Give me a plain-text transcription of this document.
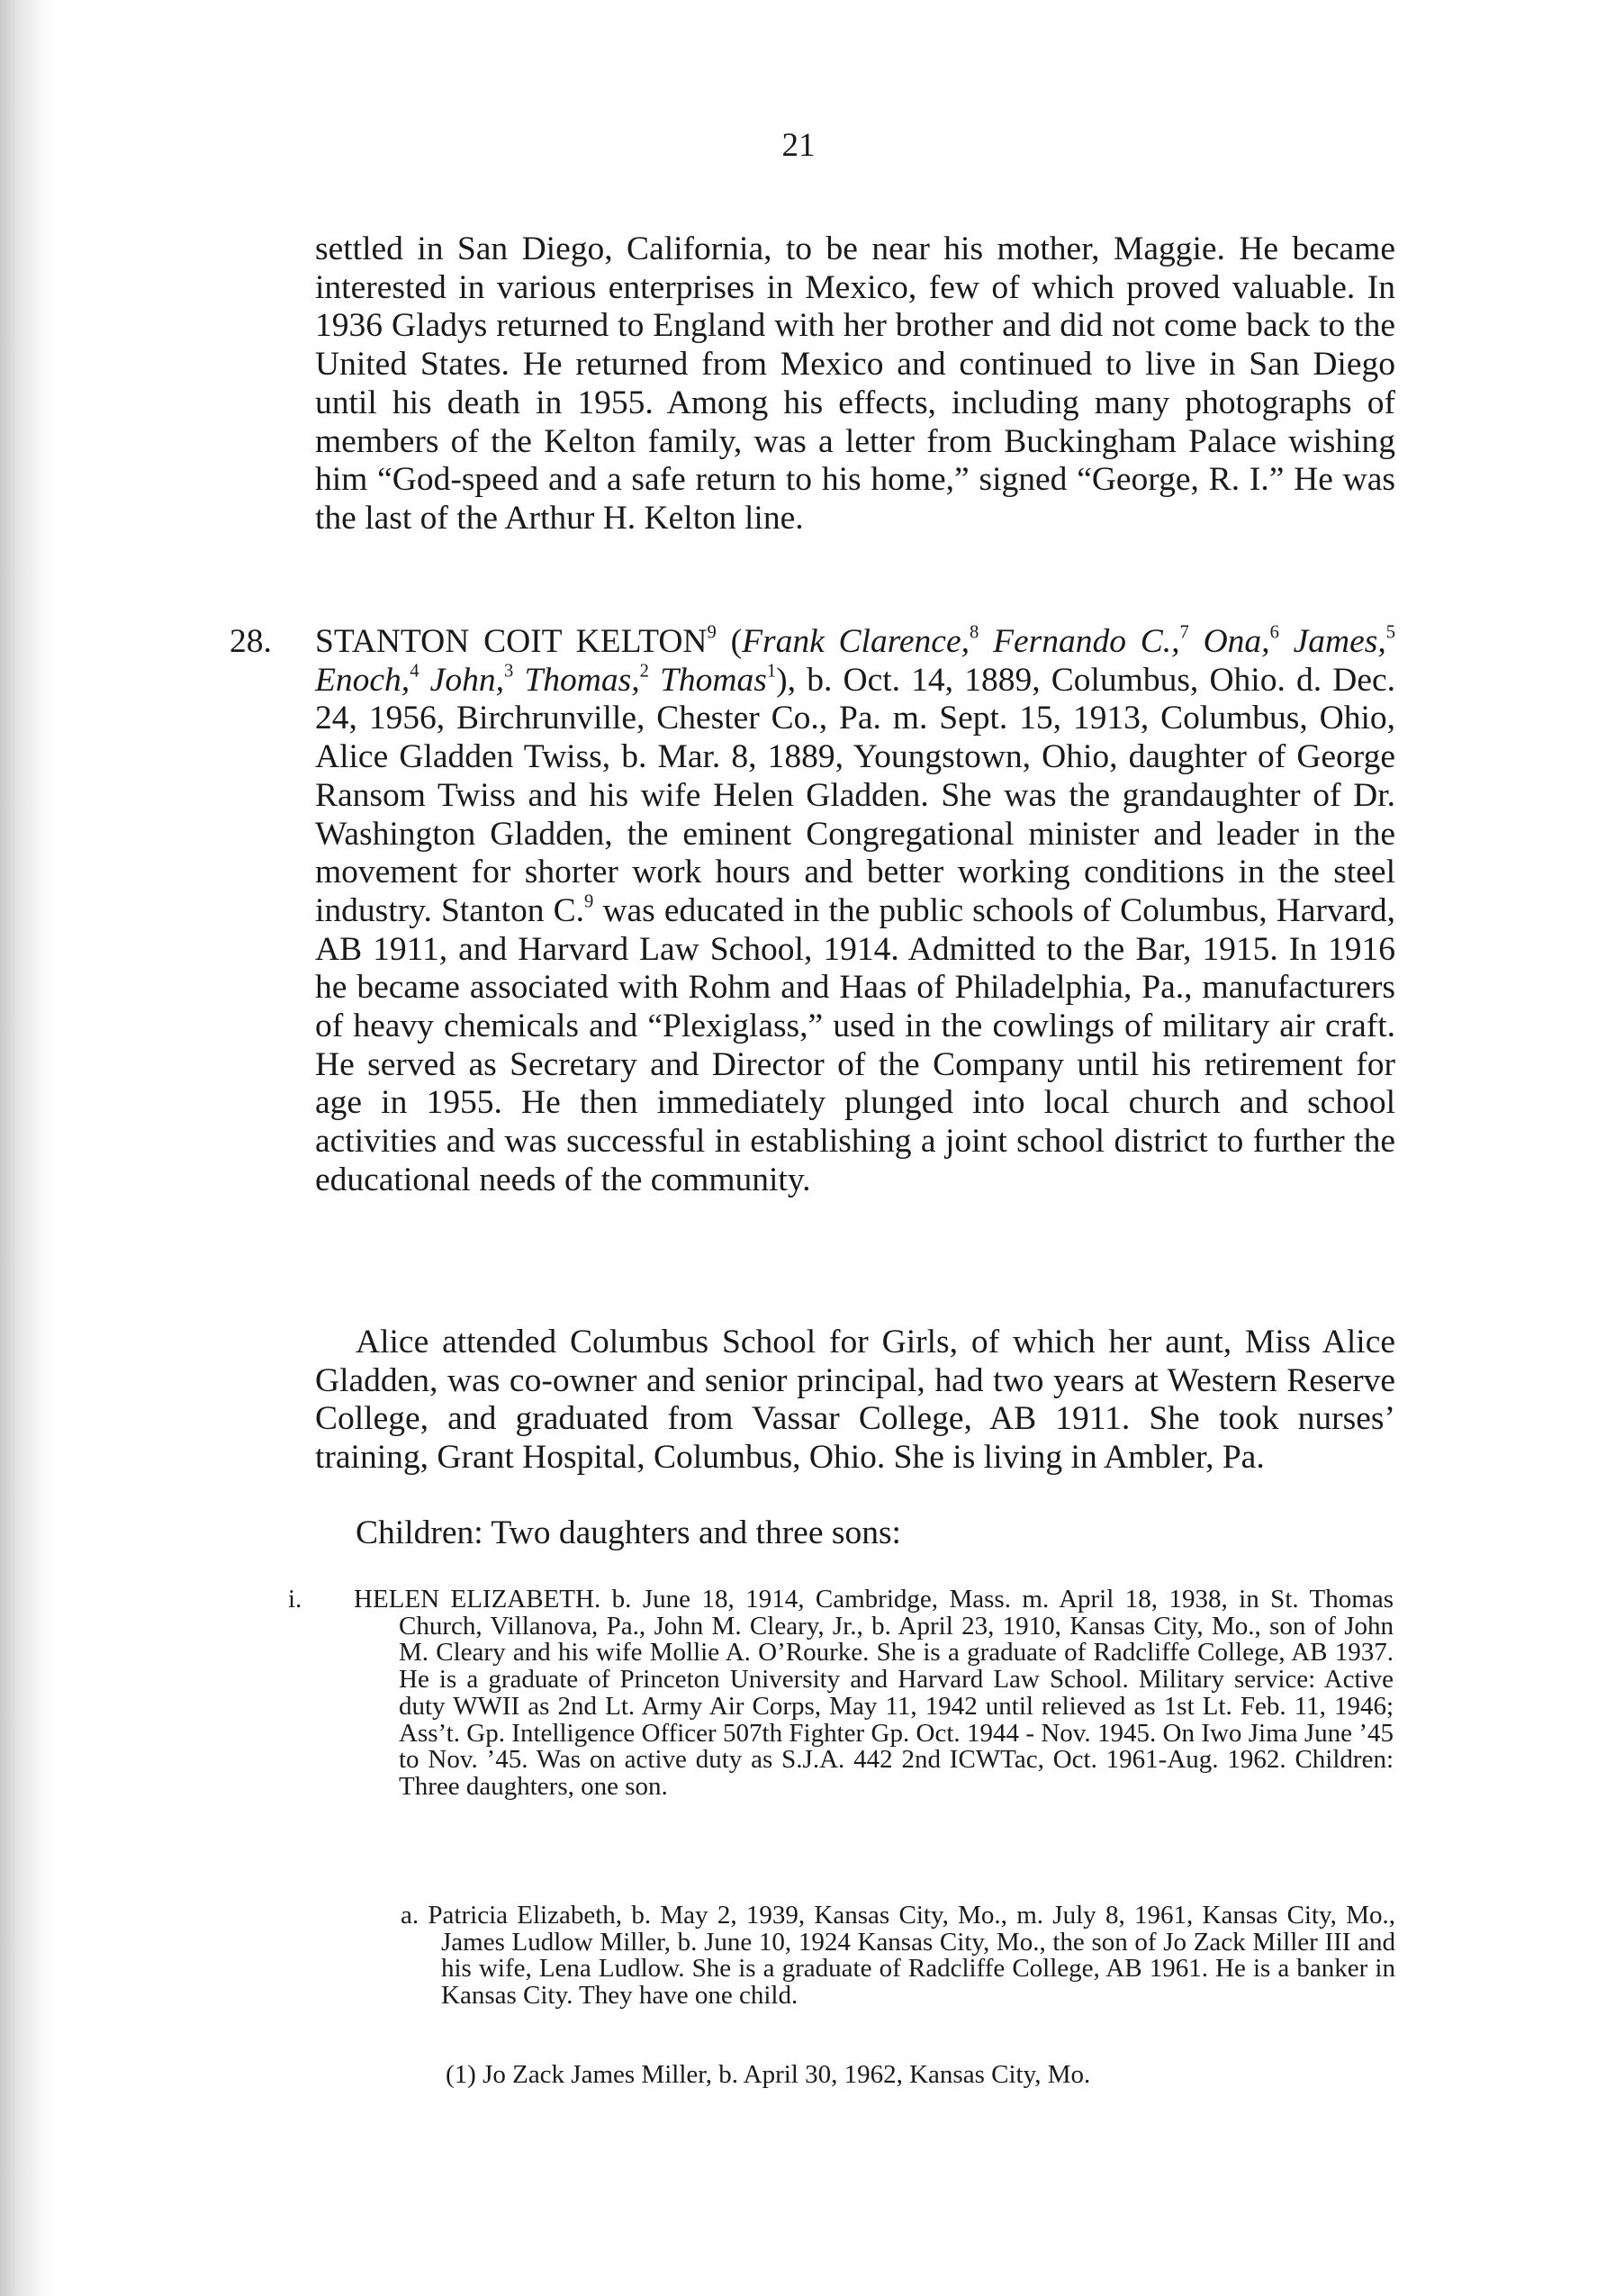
21

settled in San Diego, California, to be near his mother, Maggie. He became interested in various enterprises in Mexico, few of which proved valuable. In 1936 Gladys returned to England with her brother and did not come back to the United States. He returned from Mexico and continued to live in San Diego until his death in 1955. Among his effects, including many photographs of members of the Kelton family, was a letter from Buckingham Palace wishing him “God-speed and a safe return to his home,” signed “George, R. I.” He was the last of the Arthur H. Kelton line.

28. STANTON COIT KELTON$^9$ (Frank Clarence,$^8$ Fernando C.,$^7$ Ona,$^6$ James,$^5$ Enoch,$^4$ John,$^3$ Thomas,$^2$ Thomas$^1$), b. Oct. 14, 1889, Columbus, Ohio. d. Dec. 24, 1956, Birchrunville, Chester Co., Pa. m. Sept. 15, 1913, Columbus, Ohio, Alice Gladden Twiss, b. Mar. 8, 1889, Youngstown, Ohio, daughter of George Ransom Twiss and his wife Helen Gladden. She was the grandaughter of Dr. Washington Gladden, the eminent Congregational minister and leader in the movement for shorter work hours and better working conditions in the steel industry. Stanton C.$^9$ was educated in the public schools of Columbus, Harvard, AB 1911, and Harvard Law School, 1914. Admitted to the Bar, 1915. In 1916 he became associated with Rohm and Haas of Philadelphia, Pa., manufacturers of heavy chemicals and “Plexiglass,” used in the cowlings of military air craft. He served as Secretary and Director of the Company until his retirement for age in 1955. He then immediately plunged into local church and school activities and was successful in establishing a joint school district to further the educational needs of the community.

Alice attended Columbus School for Girls, of which her aunt, Miss Alice Gladden, was co-owner and senior principal, had two years at Western Reserve College, and graduated from Vassar College, AB 1911. She took nurses’ training, Grant Hospital, Columbus, Ohio. She is living in Ambler, Pa.

Children: Two daughters and three sons:

i. HELEN ELIZABETH. b. June 18, 1914, Cambridge, Mass. m. April 18, 1938, in St. Thomas Church, Villanova, Pa., John M. Cleary, Jr., b. April 23, 1910, Kansas City, Mo., son of John M. Cleary and his wife Mollie A. O’Rourke. She is a graduate of Radcliffe College, AB 1937. He is a graduate of Princeton University and Harvard Law School. Military service: Active duty WWII as 2nd Lt. Army Air Corps, May 11, 1942 until relieved as 1st Lt. Feb. 11, 1946; Ass’t. Gp. Intelligence Officer 507th Fighter Gp. Oct. 1944 - Nov. 1945. On Iwo Jima June ’45 to Nov. ’45. Was on active duty as S.J.A. 442 2nd ICWTac, Oct. 1961-Aug. 1962. Children: Three daughters, one son.

a. Patricia Elizabeth, b. May 2, 1939, Kansas City, Mo., m. July 8, 1961, Kansas City, Mo., James Ludlow Miller, b. June 10, 1924 Kansas City, Mo., the son of Jo Zack Miller III and his wife, Lena Ludlow. She is a graduate of Radcliffe College, AB 1961. He is a banker in Kansas City. They have one child.

(1) Jo Zack James Miller, b. April 30, 1962, Kansas City, Mo.
